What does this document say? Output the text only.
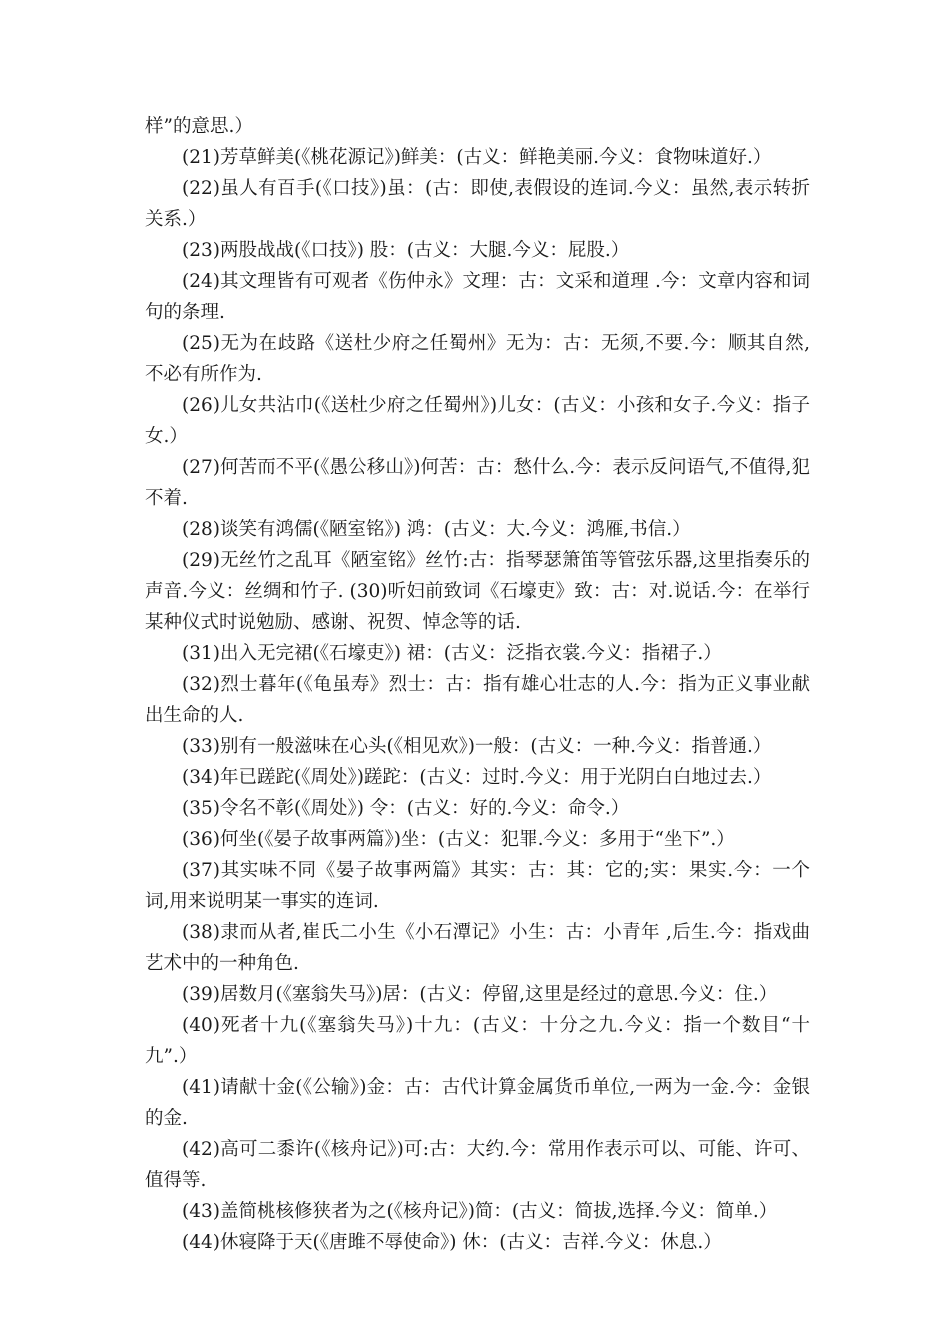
样”的意思.）

(21)芳草鲜美(《桃花源记》)鲜美：(古义：鲜艳美丽.今义：食物味道好.）

(22)虽人有百手(《口技》)虽：(古：即使,表假设的连词.今义：虽然,表示转折关系.）

(23)两股战战(《口技》) 股：(古义：大腿.今义：屁股.）

(24)其文理皆有可观者《伤仲永》文理：古：文采和道理 .今：文章内容和词句的条理.

(25)无为在歧路《送杜少府之任蜀州》无为：古：无须,不要.今：顺其自然,不必有所作为.

(26)儿女共沾巾(《送杜少府之任蜀州》)儿女：(古义：小孩和女子.今义：指子女.）

(27)何苦而不平(《愚公移山》)何苦：古：愁什么.今：表示反问语气,不值得,犯不着.

(28)谈笑有鸿儒(《陋室铭》) 鸿：(古义：大.今义：鸿雁,书信.）

(29)无丝竹之乱耳《陋室铭》丝竹:古：指琴瑟箫笛等管弦乐器,这里指奏乐的声音.今义：丝绸和竹子. (30)听妇前致词《石壕吏》致：古：对.说话.今：在举行某种仪式时说勉励、感谢、祝贺、悼念等的话.

(31)出入无完裙(《石壕吏》) 裙：(古义：泛指衣裳.今义：指裙子.）

(32)烈士暮年(《龟虽寿》烈士：古：指有雄心壮志的人.今：指为正义事业献出生命的人.

(33)别有一般滋味在心头(《相见欢》)一般：(古义：一种.今义：指普通.）

(34)年已蹉跎(《周处》)蹉跎：(古义：过时.今义：用于光阴白白地过去.）

(35)令名不彰(《周处》) 令：(古义：好的.今义：命令.）

(36)何坐(《晏子故事两篇》)坐：(古义：犯罪.今义：多用于“坐下”.）

(37)其实味不同《晏子故事两篇》其实：古：其：它的;实：果实.今：一个词,用来说明某一事实的连词.

(38)隶而从者,崔氏二小生《小石潭记》小生：古：小青年 ,后生.今：指戏曲艺术中的一种角色.

(39)居数月(《塞翁失马》)居：(古义：停留,这里是经过的意思.今义：住.）

(40)死者十九(《塞翁失马》)十九：(古义：十分之九.今义：指一个数目“十九”.）

(41)请献十金(《公输》)金：古：古代计算金属货币单位,一两为一金.今：金银的金.

(42)高可二黍许(《核舟记》)可:古：大约.今：常用作表示可以、可能、许可、值得等.

(43)盖简桃核修狭者为之(《核舟记》)简：(古义：简拔,选择.今义：简单.）

(44)休寝降于天(《唐雎不辱使命》) 休：(古义：吉祥.今义：休息.）
